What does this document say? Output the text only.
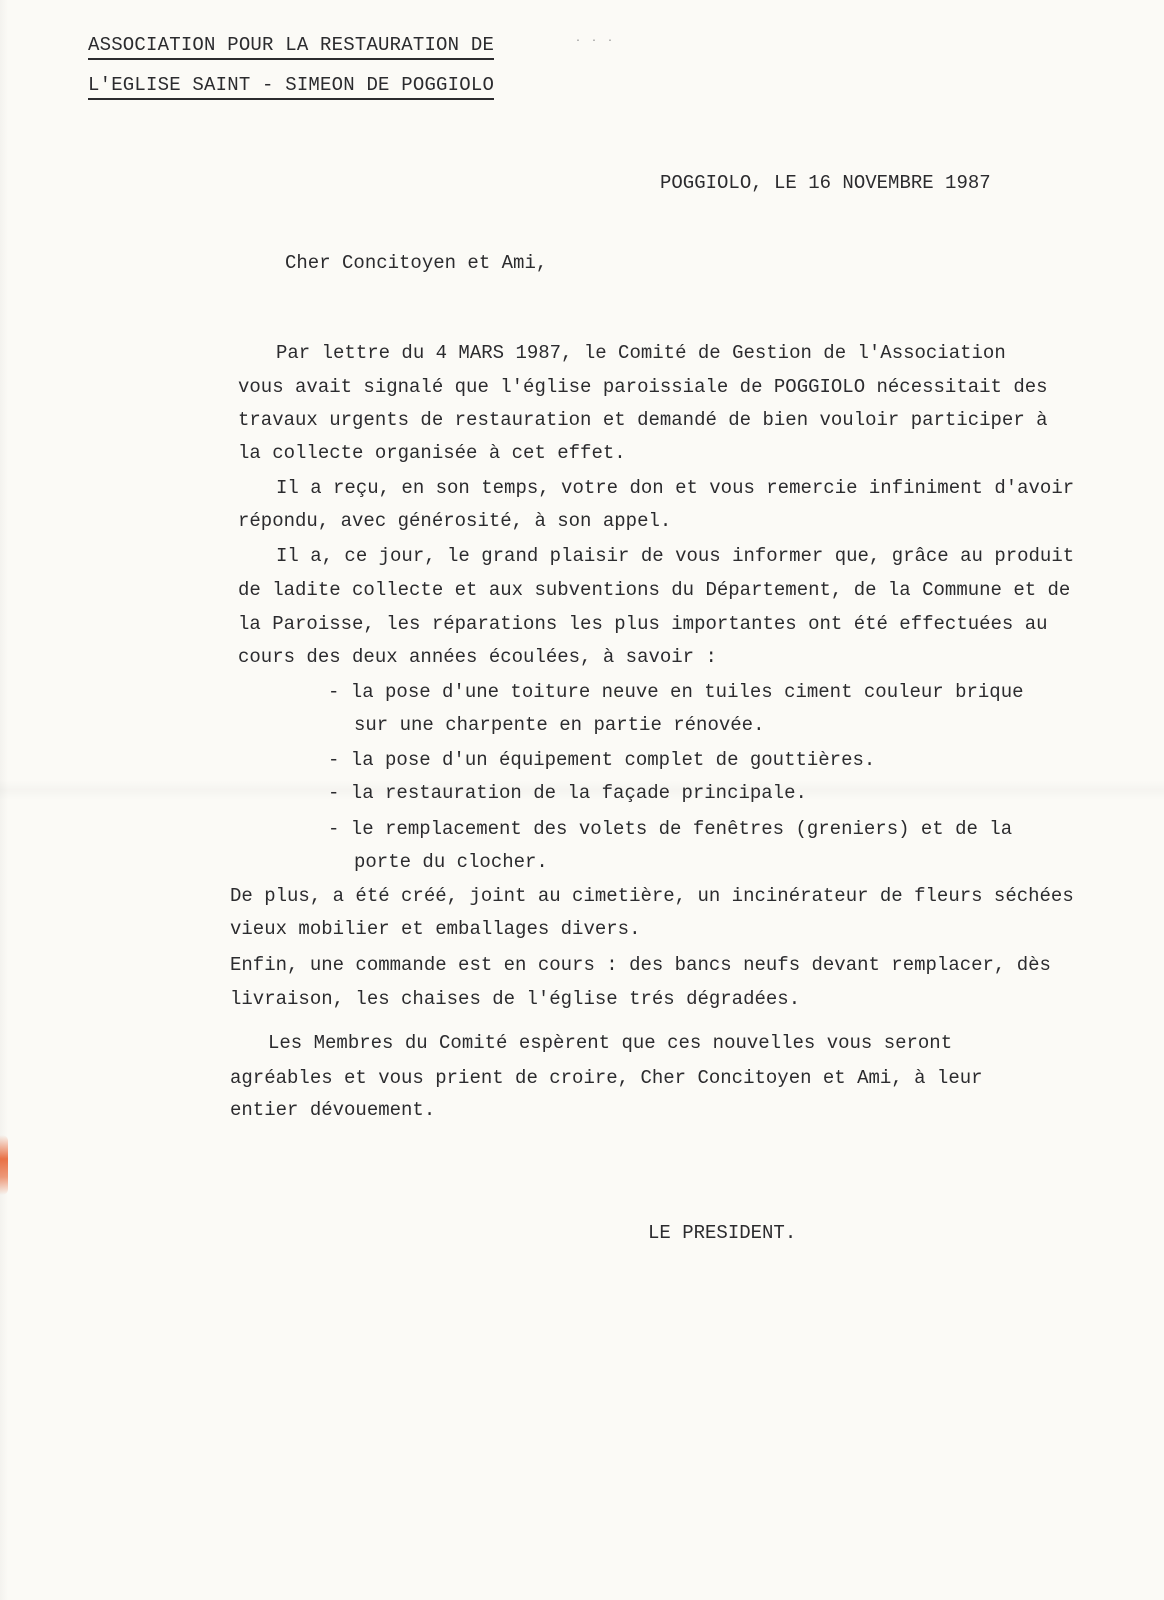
· · ·
ASSOCIATION POUR LA RESTAURATION DE
L'EGLISE SAINT - SIMEON DE POGGIOLO
POGGIOLO, LE 16 NOVEMBRE 1987
Cher Concitoyen et Ami,
Par lettre du 4 MARS 1987, le Comité de Gestion de l'Association
vous avait signalé que l'église paroissiale de POGGIOLO nécessitait des
travaux urgents de restauration et demandé de bien vouloir participer à
la collecte organisée à cet effet.
Il a reçu, en son temps, votre don et vous remercie infiniment d'avoir
répondu, avec générosité, à son appel.
Il a, ce jour, le grand plaisir de vous informer que, grâce au produit
de ladite collecte et aux subventions du Département, de la Commune et de
la Paroisse, les réparations les plus importantes ont été effectuées au
cours des deux années écoulées, à savoir :
- la pose d'une toiture neuve en tuiles ciment couleur brique
sur une charpente en partie rénovée.
- la pose d'un équipement complet de gouttières.
- la restauration de la façade principale.
- le remplacement des volets de fenêtres (greniers) et de la
porte du clocher.
De plus, a été créé, joint au cimetière, un incinérateur de fleurs séchées
vieux mobilier et emballages divers.
Enfin, une commande est en cours : des bancs neufs devant remplacer, dès
livraison, les chaises de l'église trés dégradées.
Les Membres du Comité espèrent que ces nouvelles vous seront
agréables et vous prient de croire, Cher Concitoyen et Ami, à leur
entier dévouement.
LE PRESIDENT.
